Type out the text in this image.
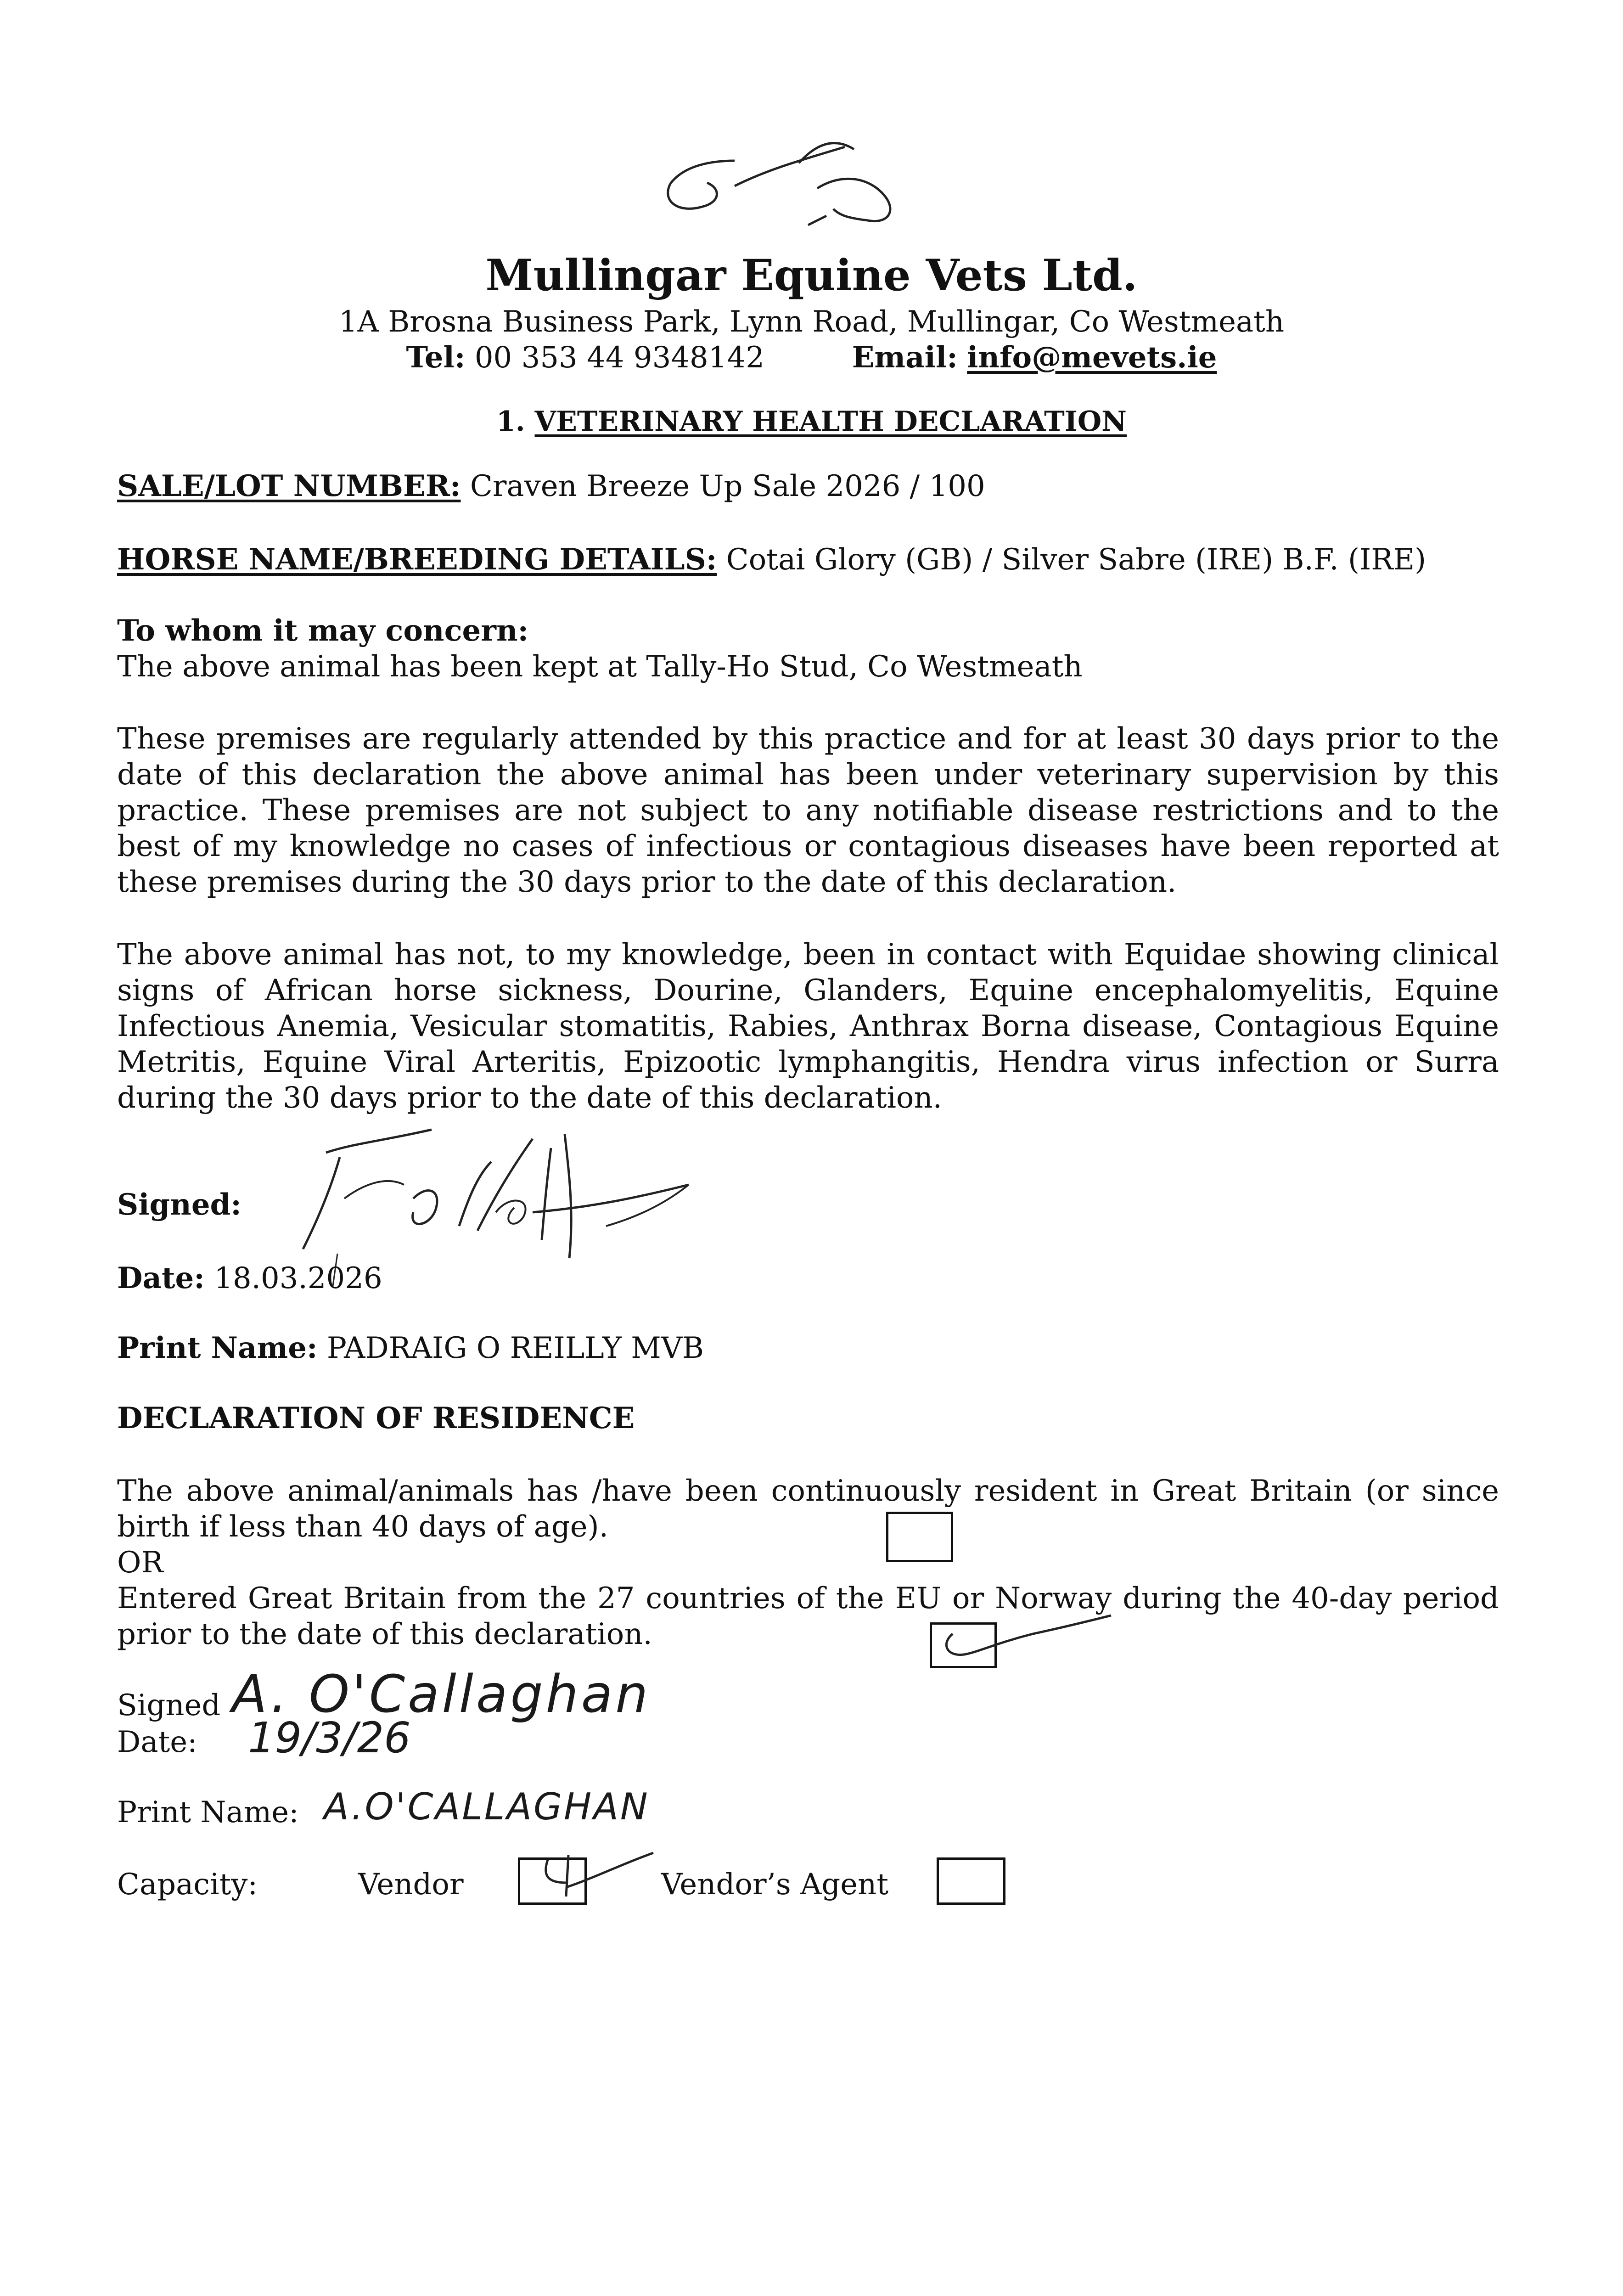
Mullingar Equine Vets Ltd.
1A Brosna Business Park, Lynn Road, Mullingar, Co Westmeath
Tel: 00 353 44 9348142	Email: info@mevets.ie
1. VETERINARY HEALTH DECLARATION
SALE/LOT NUMBER: Craven Breeze Up Sale 2026 / 100
HORSE NAME/BREEDING DETAILS: Cotai Glory (GB) / Silver Sabre (IRE) B.F. (IRE)
To whom it may concern:
The above animal has been kept at Tally-Ho Stud, Co Westmeath
These premises are regularly attended by this practice and for at least 30 days prior to the date of this declaration the above animal has been under veterinary supervision by this practice. These premises are not subject to any notifiable disease restrictions and to the best of my knowledge no cases of infectious or contagious diseases have been reported at these premises during the 30 days prior to the date of this declaration.
The above animal has not, to my knowledge, been in contact with Equidae showing clinical signs of African horse sickness, Dourine, Glanders, Equine encephalomyelitis, Equine Infectious Anemia, Vesicular stomatitis, Rabies, Anthrax Borna disease, Contagious Equine Metritis, Equine Viral Arteritis, Epizootic lymphangitis, Hendra virus infection or Surra during the 30 days prior to the date of this declaration.
Signed:
Date: 18.03.2026
Print Name: PADRAIG O REILLY MVB
DECLARATION OF RESIDENCE
The above animal/animals has /have been continuously resident in Great Britain (or since birth if less than 40 days of age).
OR
Entered Great Britain from the 27 countries of the EU or Norway during the 40-day period prior to the date of this declaration.
Signed A. O'Callaghan
Date: 19/3/26
Print Name: A.O'CALLAGHAN
Capacity:	Vendor	Vendor’s Agent
